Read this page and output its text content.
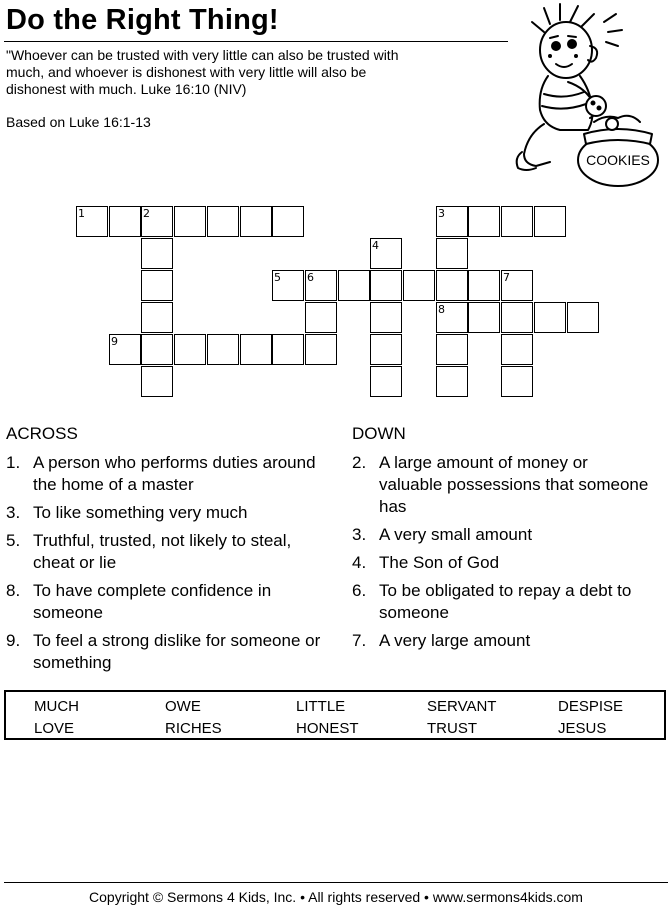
Do the Right Thing!
"Whoever can be trusted with very little can also be trusted with
much, and whoever is dishonest with very little will also be
dishonest with much. Luke 16:10 (NIV)
Based on Luke 16:1-13
COOKIES
1	2	3
5 6
8
9
4
7
ACROSS	DOWN
1. A person who performs duties around the home of a master
3. To like something very much
5. Truthful, trusted, not likely to steal, cheat or lie
8. To have complete confidence in someone
9. To feel a strong dislike for someone or something
2. A large amount of money or valuable possessions that someone has
3. A very small amount
4. The Son of God
6. To be obligated to repay a debt to someone
7. A very large amount
MUCH	OWE	LITTLE	SERVANT	DESPISE
LOVE	RICHES	HONEST	TRUST	JESUS
Copyright © Sermons 4 Kids, Inc. • All rights reserved • www.sermons4kids.com
